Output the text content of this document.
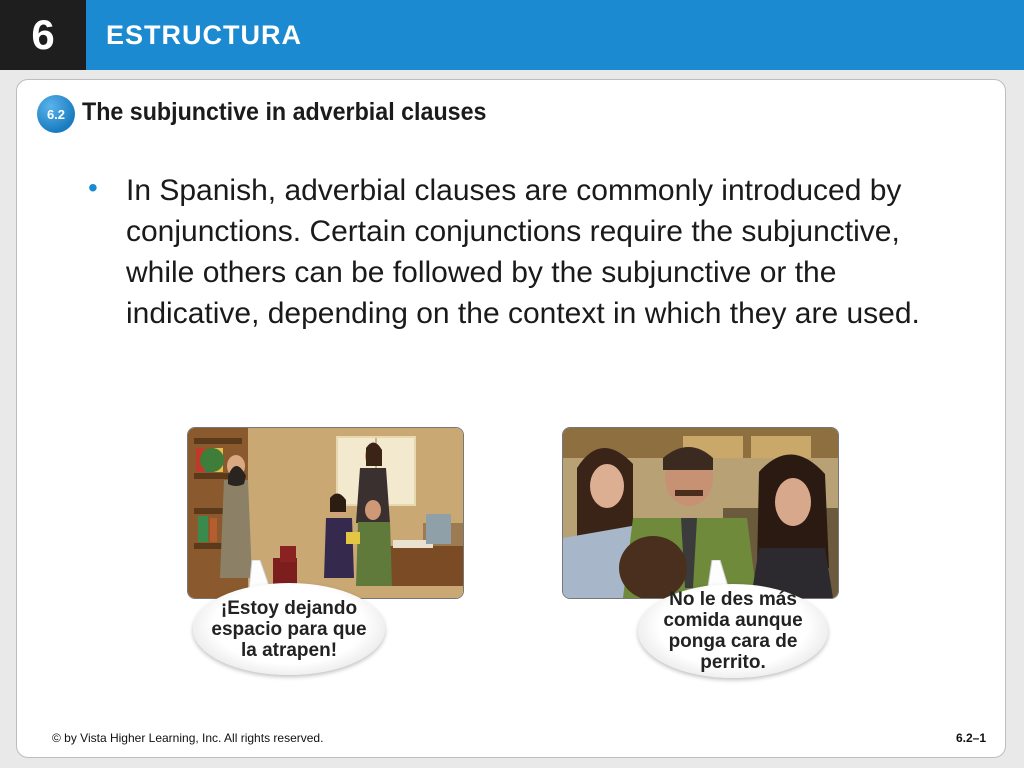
6	ESTRUCTURA
6.2 The subjunctive in adverbial clauses
• In Spanish, adverbial clauses are commonly introduced by conjunctions. Certain conjunctions require the subjunctive, while others can be followed by the subjunctive or the indicative, depending on the context in which they are used.

¡Estoy dejando espacio para que la atrapen!
No le des más comida aunque ponga cara de perrito.
© by Vista Higher Learning, Inc. All rights reserved.	6.2–1
